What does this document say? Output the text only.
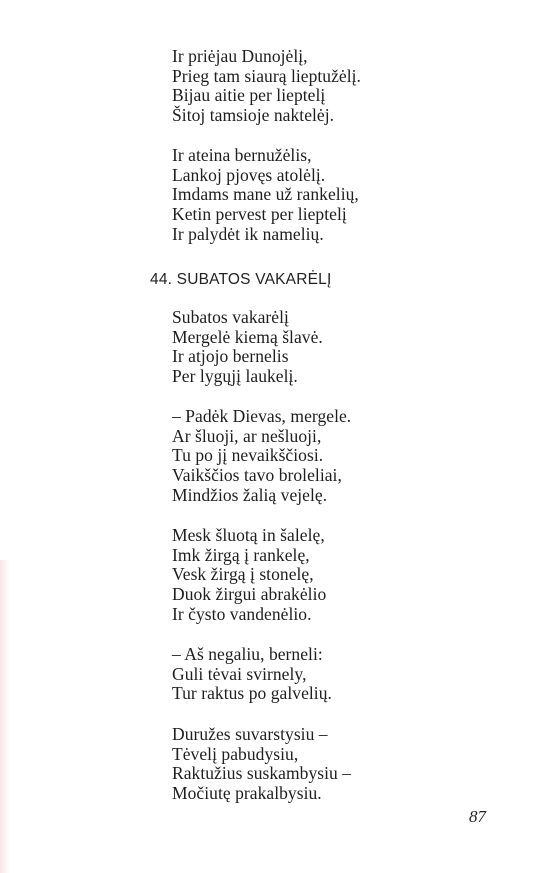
Ir priėjau Dunojėlį,
Prieg tam siaurą lieptužėlį.
Bijau aitie per lieptelį
Šitoj tamsioje naktelėj.
Ir ateina bernužėlis,
Lankoj pjovęs atolėlį.
Imdams mane už rankelių,
Ketin pervest per lieptelį
Ir palydėt ik namelių.
44. SUBATOS VAKARĖLĮ
Subatos vakarėlį
Mergelė kiemą šlavė.
Ir atjojo bernelis
Per lygųjį laukelį.
– Padėk Dievas, mergele.
Ar šluoji, ar nešluoji,
Tu po jį nevaikščiosi.
Vaikščios tavo broleliai,
Mindžios žalią vejelę.
Mesk šluotą in šalelę,
Imk žirgą į rankelę,
Vesk žirgą į stonelę,
Duok žirgui abrakėlio
Ir čysto vandenėlio.
– Aš negaliu, berneli:
Guli tėvai svirnely,
Tur raktus po galvelių.
Duružes suvarstysiu –
Tėvelį pabudysiu,
Raktužius suskambysiu –
Močiutę prakalbysiu.
87
